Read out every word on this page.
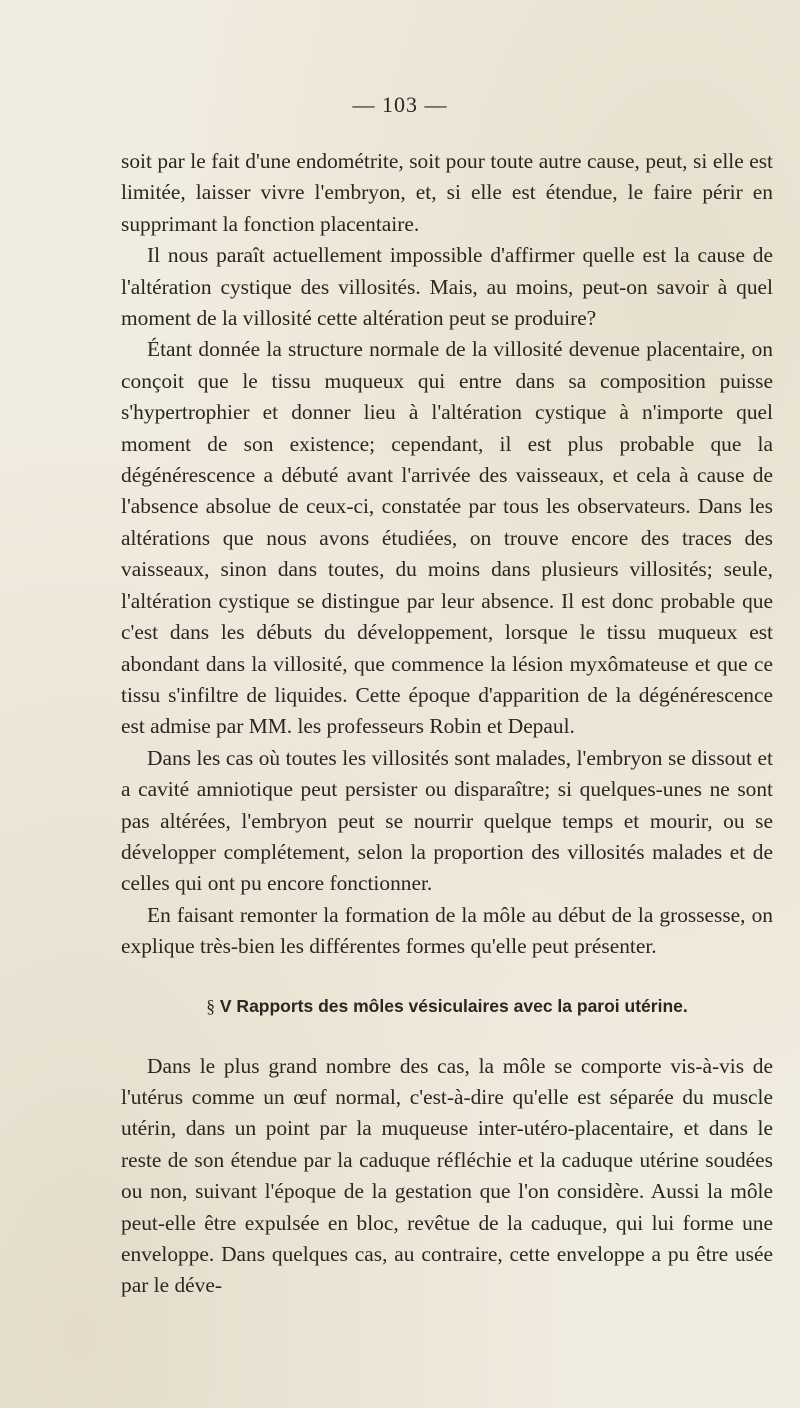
— 103 —

soit par le fait d'une endométrite, soit pour toute autre cause, peut, si elle est limitée, laisser vivre l'embryon, et, si elle est étendue, le faire périr en supprimant la fonction placentaire.

Il nous paraît actuellement impossible d'affirmer quelle est la cause de l'altération cystique des villosités. Mais, au moins, peut-on savoir à quel moment de la villosité cette altération peut se produire?

Étant donnée la structure normale de la villosité devenue placentaire, on conçoit que le tissu muqueux qui entre dans sa composition puisse s'hypertrophier et donner lieu à l'altération cystique à n'importe quel moment de son existence; cependant, il est plus probable que la dégénérescence a débuté avant l'arrivée des vaisseaux, et cela à cause de l'absence absolue de ceux-ci, constatée par tous les observateurs. Dans les altérations que nous avons étudiées, on trouve encore des traces des vaisseaux, sinon dans toutes, du moins dans plusieurs villosités; seule, l'altération cystique se distingue par leur absence. Il est donc probable que c'est dans les débuts du développement, lorsque le tissu muqueux est abondant dans la villosité, que commence la lésion myxômateuse et que ce tissu s'infiltre de liquides. Cette époque d'apparition de la dégénérescence est admise par MM. les professeurs Robin et Depaul.

Dans les cas où toutes les villosités sont malades, l'embryon se dissout et a cavité amniotique peut persister ou disparaître; si quelques-unes ne sont pas altérées, l'embryon peut se nourrir quelque temps et mourir, ou se développer complétement, selon la proportion des villosités malades et de celles qui ont pu encore fonctionner.

En faisant remonter la formation de la môle au début de la grossesse, on explique très-bien les différentes formes qu'elle peut présenter.

§ V Rapports des môles vésiculaires avec la paroi utérine.

Dans le plus grand nombre des cas, la môle se comporte vis-à-vis de l'utérus comme un œuf normal, c'est-à-dire qu'elle est séparée du muscle utérin, dans un point par la muqueuse inter-utéro-placentaire, et dans le reste de son étendue par la caduque réfléchie et la caduque utérine soudées ou non, suivant l'époque de la gestation que l'on considère. Aussi la môle peut-elle être expulsée en bloc, revêtue de la caduque, qui lui forme une enveloppe. Dans quelques cas, au contraire, cette enveloppe a pu être usée par le déve-
